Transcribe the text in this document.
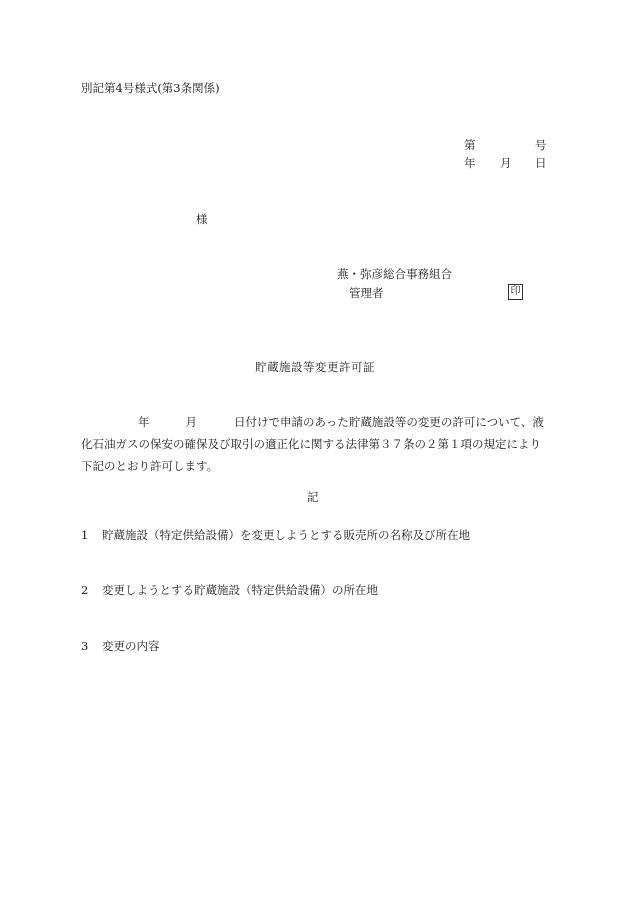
別記第4号様式(第3条関係)
第	号
年 月 日
様
燕・弥彦総合事務組合
管理者	印
貯蔵施設等変更許可証
年	月	日付けで申請のあった貯蔵施設等の変更の許可について、液
化石油ガスの保安の確保及び取引の適正化に関する法律第３７条の２第１項の規定により
下記のとおり許可します。
記
1 貯蔵施設（特定供給設備）を変更しようとする販売所の名称及び所在地
2 変更しようとする貯蔵施設（特定供給設備）の所在地
3 変更の内容
